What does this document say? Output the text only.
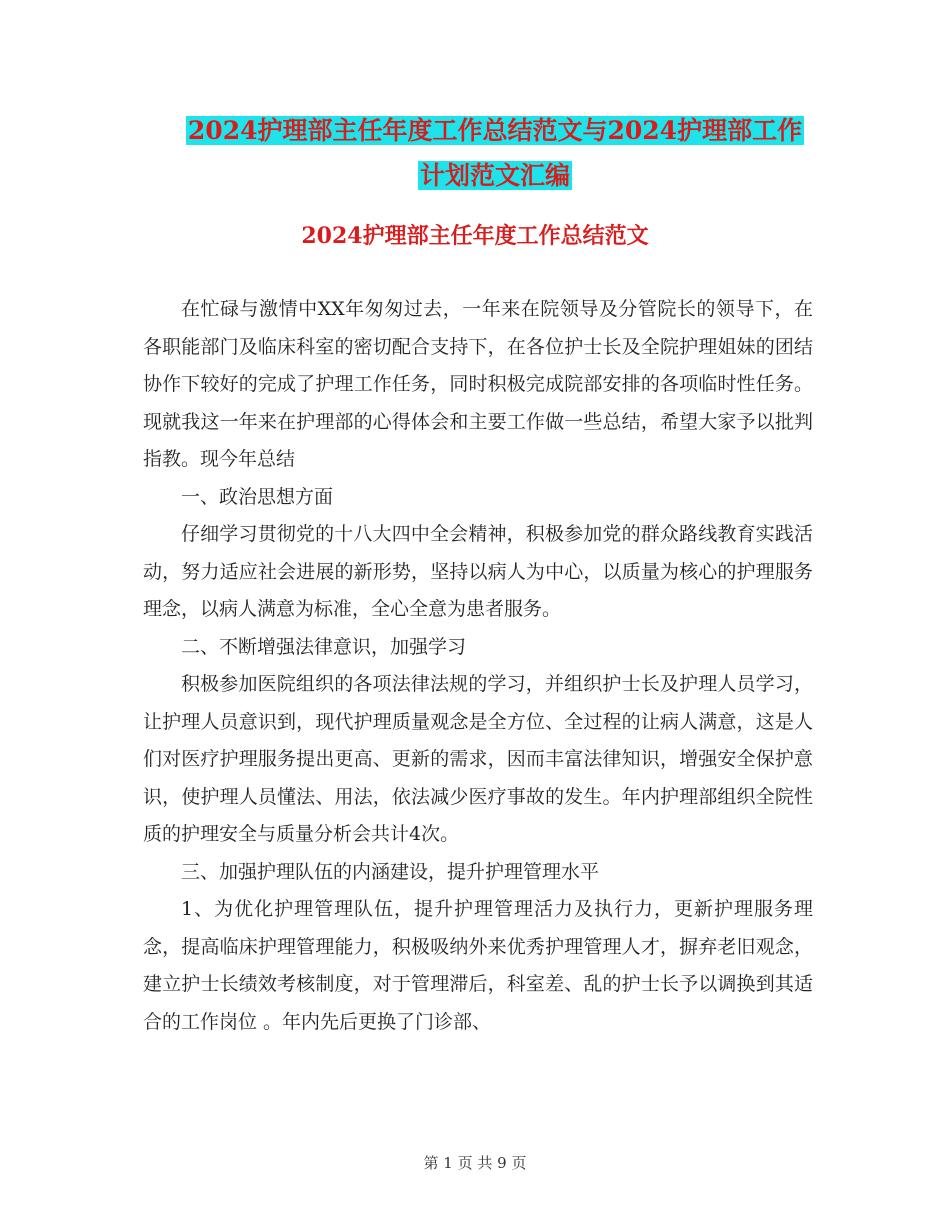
2024护理部主任年度工作总结范文与2024护理部工作
计划范文汇编
2024护理部主任年度工作总结范文

在忙碌与激情中XX年匆匆过去，一年来在院领导及分管院长的领导下，在各职能部门及临床科室的密切配合支持下，在各位护士长及全院护理姐妹的团结协作下较好的完成了护理工作任务，同时积极完成院部安排的各项临时性任务。现就我这一年来在护理部的心得体会和主要工作做一些总结，希望大家予以批判指教。现今年总结

一、政治思想方面

仔细学习贯彻党的十八大四中全会精神，积极参加党的群众路线教育实践活动，努力适应社会进展的新形势，坚持以病人为中心，以质量为核心的护理服务理念，以病人满意为标准，全心全意为患者服务。

二、不断增强法律意识，加强学习

积极参加医院组织的各项法律法规的学习，并组织护士长及护理人员学习，让护理人员意识到，现代护理质量观念是全方位、全过程的让病人满意，这是人们对医疗护理服务提出更高、更新的需求，因而丰富法律知识，增强安全保护意识，使护理人员懂法、用法，依法减少医疗事故的发生。年内护理部组织全院性质的护理安全与质量分析会共计4次。

三、加强护理队伍的内涵建设，提升护理管理水平

1、为优化护理管理队伍，提升护理管理活力及执行力，更新护理服务理念，提高临床护理管理能力，积极吸纳外来优秀护理管理人才，摒弃老旧观念，建立护士长绩效考核制度，对于管理滞后，科室差、乱的护士长予以调换到其适合的工作岗位 。年内先后更换了门诊部、

第 1 页 共 9 页
